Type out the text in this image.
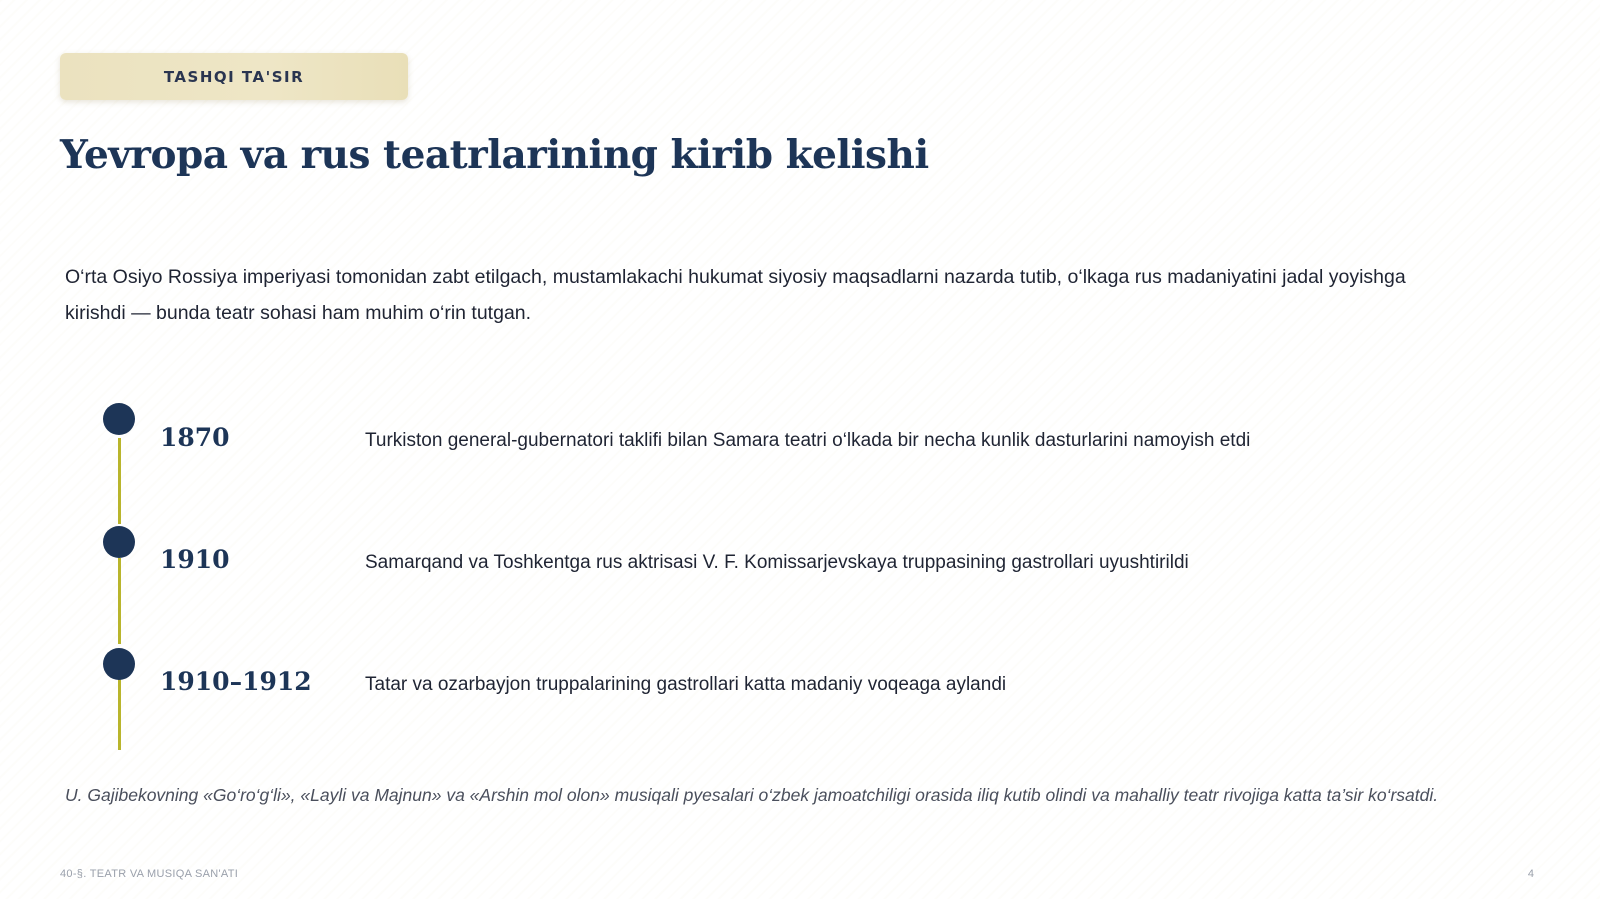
TASHQI TA'SIR
Yevropa va rus teatrlarining kirib kelishi

O‘rta Osiyo Rossiya imperiyasi tomonidan zabt etilgach, mustamlakachi hukumat siyosiy maqsadlarni nazarda tutib, o‘lkaga rus madaniyatini jadal yoyishga kirishdi — bunda teatr sohasi ham muhim o‘rin tutgan.

1870	Turkiston general-gubernatori taklifi bilan Samara teatri o‘lkada bir necha kunlik dasturlarini namoyish etdi
1910	Samarqand va Toshkentga rus aktrisasi V. F. Komissarjevskaya truppasining gastrollari uyushtirildi
1910–1912	Tatar va ozarbayjon truppalarining gastrollari katta madaniy voqeaga aylandi

U. Gajibekovning «Go‘ro‘g‘li», «Layli va Majnun» va «Arshin mol olon» musiqali pyesalari o‘zbek jamoatchiligi orasida iliq kutib olindi va mahalliy teatr rivojiga katta ta’sir ko‘rsatdi.

40-§. TEATR VA MUSIQA SAN'ATI	4
